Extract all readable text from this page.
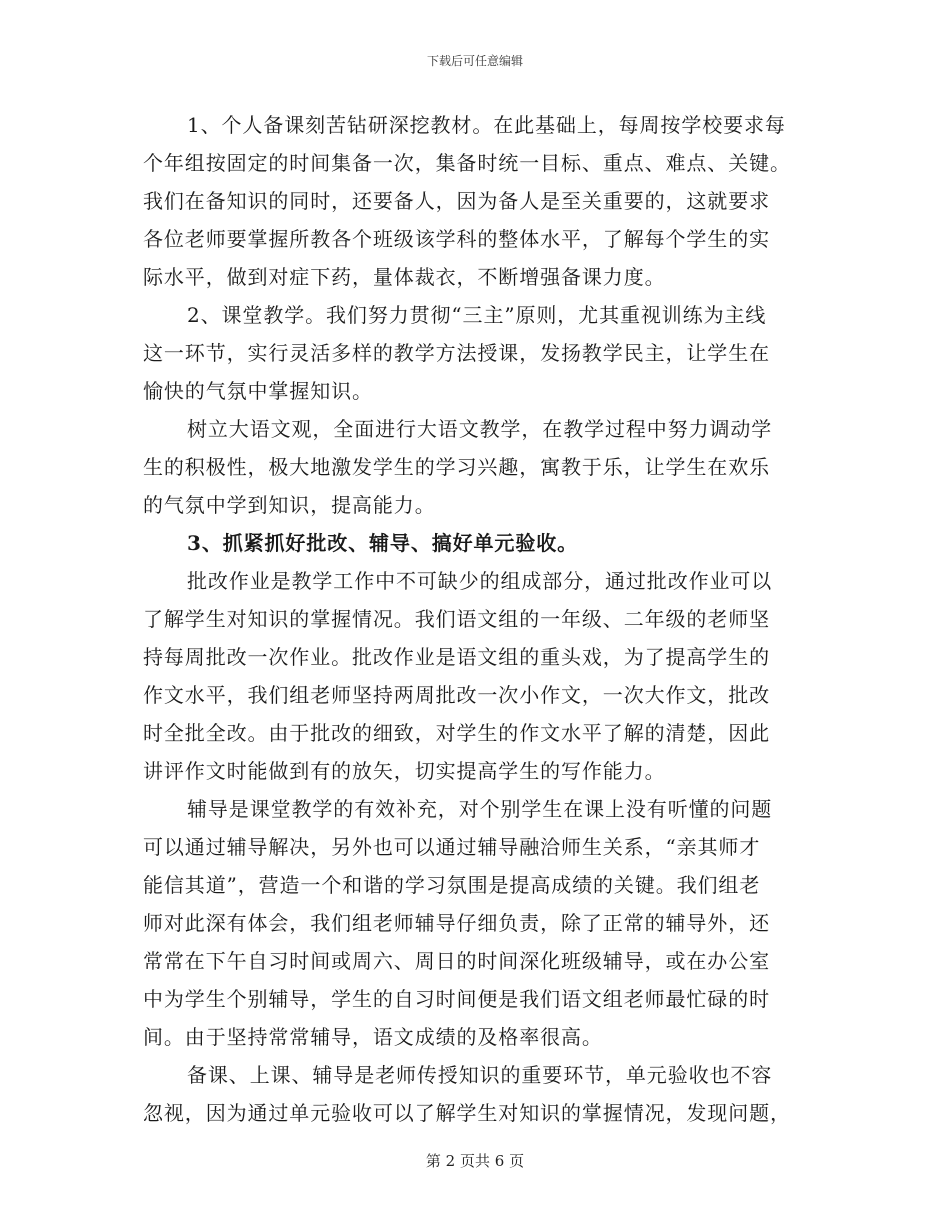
下载后可任意编辑
1、个人备课刻苦钻研深挖教材。在此基础上，每周按学校要求每
个年组按固定的时间集备一次，集备时统一目标、重点、难点、关键。
我们在备知识的同时，还要备人，因为备人是至关重要的，这就要求
各位老师要掌握所教各个班级该学科的整体水平，了解每个学生的实
际水平，做到对症下药，量体裁衣，不断增强备课力度。
2、课堂教学。我们努力贯彻“三主”原则，尤其重视训练为主线
这一环节，实行灵活多样的教学方法授课，发扬教学民主，让学生在
愉快的气氛中掌握知识。
树立大语文观，全面进行大语文教学，在教学过程中努力调动学
生的积极性，极大地激发学生的学习兴趣，寓教于乐，让学生在欢乐
的气氛中学到知识，提高能力。
3、抓紧抓好批改、辅导、搞好单元验收。
批改作业是教学工作中不可缺少的组成部分，通过批改作业可以
了解学生对知识的掌握情况。我们语文组的一年级、二年级的老师坚
持每周批改一次作业。批改作业是语文组的重头戏，为了提高学生的
作文水平，我们组老师坚持两周批改一次小作文，一次大作文，批改
时全批全改。由于批改的细致，对学生的作文水平了解的清楚，因此
讲评作文时能做到有的放矢，切实提高学生的写作能力。
辅导是课堂教学的有效补充，对个别学生在课上没有听懂的问题
可以通过辅导解决，另外也可以通过辅导融洽师生关系，“亲其师才
能信其道”，营造一个和谐的学习氛围是提高成绩的关键。我们组老
师对此深有体会，我们组老师辅导仔细负责，除了正常的辅导外，还
常常在下午自习时间或周六、周日的时间深化班级辅导，或在办公室
中为学生个别辅导，学生的自习时间便是我们语文组老师最忙碌的时
间。由于坚持常常辅导，语文成绩的及格率很高。
备课、上课、辅导是老师传授知识的重要环节，单元验收也不容
忽视，因为通过单元验收可以了解学生对知识的掌握情况，发现问题，
第 2 页共 6 页
